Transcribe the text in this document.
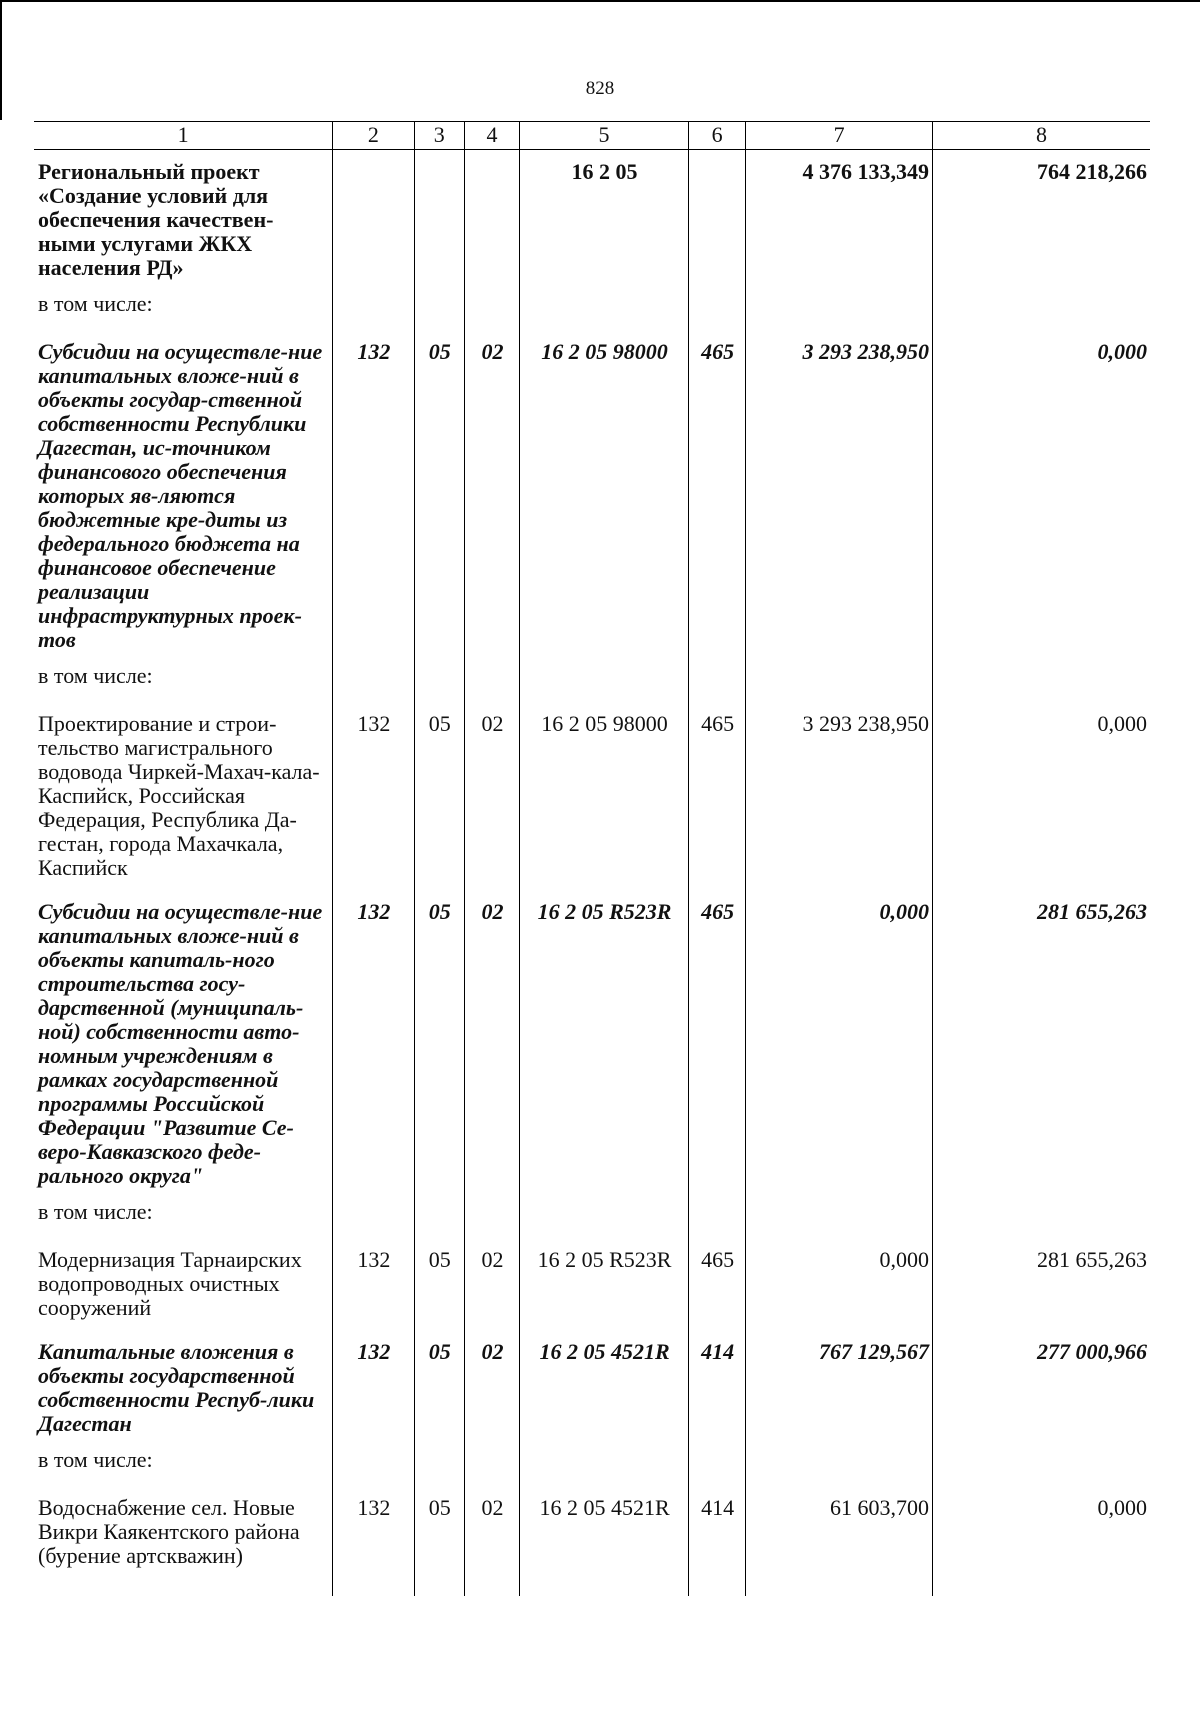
828
1	2	3	4	5	6	7	8
Региональный проект «Создание условий для обеспечения качествен-ными услугами ЖКХ населения РД»				16 2 05		4 376 133,349	764 218,266
в том числе:							
Субсидии на осуществле-ние капитальных вложе-ний в объекты государ-ственной собственности Республики Дагестан, ис-точником финансового обеспечения которых яв-ляются бюджетные кре-диты из федерального бюджета на финансовое обеспечение реализации инфраструктурных проек-тов	132	05	02	16 2 05 98000	465	3 293 238,950	0,000
в том числе:							
Проектирование и строи-тельство магистрального водовода Чиркей-Махач-кала-Каспийск, Российская Федерация, Республика Да-гестан, города Махачкала, Каспийск	132	05	02	16 2 05 98000	465	3 293 238,950	0,000
Субсидии на осуществле-ние капитальных вложе-ний в объекты капиталь-ного строительства госу-дарственной (муниципаль-ной) собственности авто-номным учреждениям в рамках государственной программы Российской Федерации "Развитие Се-веро-Кавказского феде-рального округа"	132	05	02	16 2 05 R523R	465	0,000	281 655,263
в том числе:							
Модернизация Тарнаирских водопроводных очистных сооружений	132	05	02	16 2 05 R523R	465	0,000	281 655,263
Капитальные вложения в объекты государственной собственности Респуб-лики Дагестан	132	05	02	16 2 05 4521R	414	767 129,567	277 000,966
в том числе:							
Водоснабжение сел. Новые Викри Каякентского района (бурение артскважин)	132	05	02	16 2 05 4521R	414	61 603,700	0,000
